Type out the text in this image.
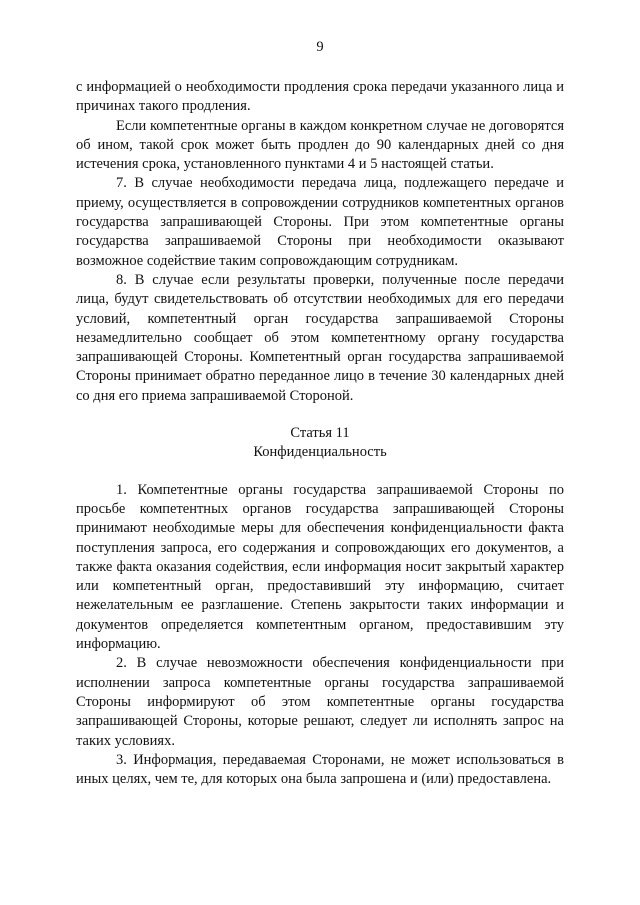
9

с информацией о необходимости продления срока передачи указанного лица и причинах такого продления.

Если компетентные органы в каждом конкретном случае не договорятся об ином, такой срок может быть продлен до 90 календарных дней со дня истечения срока, установленного пунктами 4 и 5 настоящей статьи.

7. В случае необходимости передача лица, подлежащего передаче и приему, осуществляется в сопровождении сотрудников компетентных органов государства запрашивающей Стороны. При этом компетентные органы государства запрашиваемой Стороны при необходимости оказывают возможное содействие таким сопровождающим сотрудникам.

8. В случае если результаты проверки, полученные после передачи лица, будут свидетельствовать об отсутствии необходимых для его передачи условий, компетентный орган государства запрашиваемой Стороны незамедлительно сообщает об этом компетентному органу государства запрашивающей Стороны. Компетентный орган государства запрашиваемой Стороны принимает обратно переданное лицо в течение 30 календарных дней со дня его приема запрашиваемой Стороной.

Статья 11
Конфиденциальность

1. Компетентные органы государства запрашиваемой Стороны по просьбе компетентных органов государства запрашивающей Стороны принимают необходимые меры для обеспечения конфиденциальности факта поступления запроса, его содержания и сопровождающих его документов, а также факта оказания содействия, если информация носит закрытый характер или компетентный орган, предоставивший эту информацию, считает нежелательным ее разглашение. Степень закрытости таких информации и документов определяется компетентным органом, предоставившим эту информацию.

2. В случае невозможности обеспечения конфиденциальности при исполнении запроса компетентные органы государства запрашиваемой Стороны информируют об этом компетентные органы государства запрашивающей Стороны, которые решают, следует ли исполнять запрос на таких условиях.

3. Информация, передаваемая Сторонами, не может использоваться в иных целях, чем те, для которых она была запрошена и (или) предоставлена.
